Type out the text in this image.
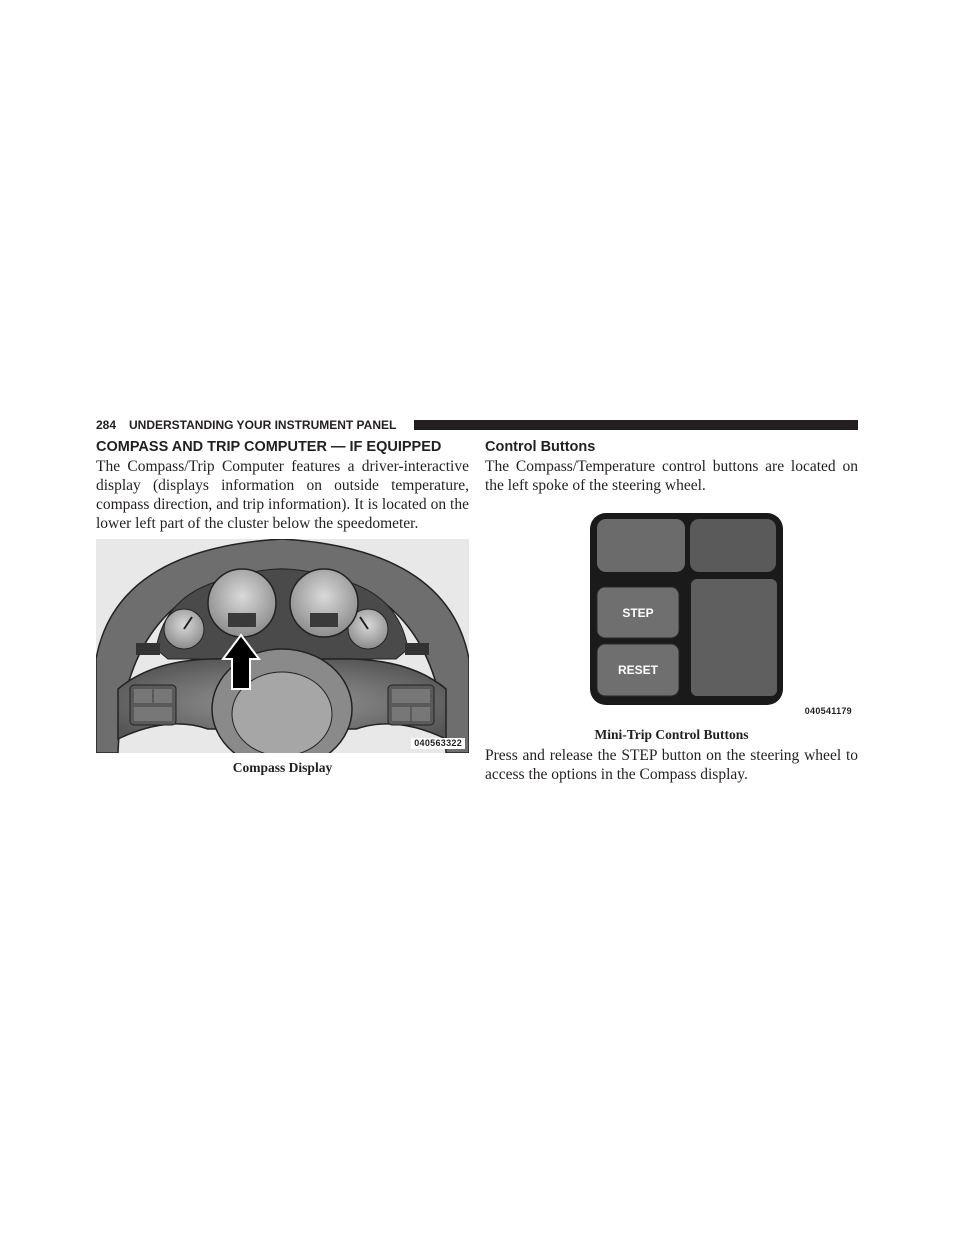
284 UNDERSTANDING YOUR INSTRUMENT PANEL
COMPASS AND TRIP COMPUTER — IF EQUIPPED

The Compass/Trip Computer features a driver-interactive display (displays information on outside temperature, compass direction, and trip information). It is located on the lower left part of the cluster below the speedometer.

040563322
Compass Display
Control Buttons

The Compass/Temperature control buttons are located on the left spoke of the steering wheel.

STEP
RESET
040541179
Mini-Trip Control Buttons

Press and release the STEP button on the steering wheel to access the options in the Compass display.
